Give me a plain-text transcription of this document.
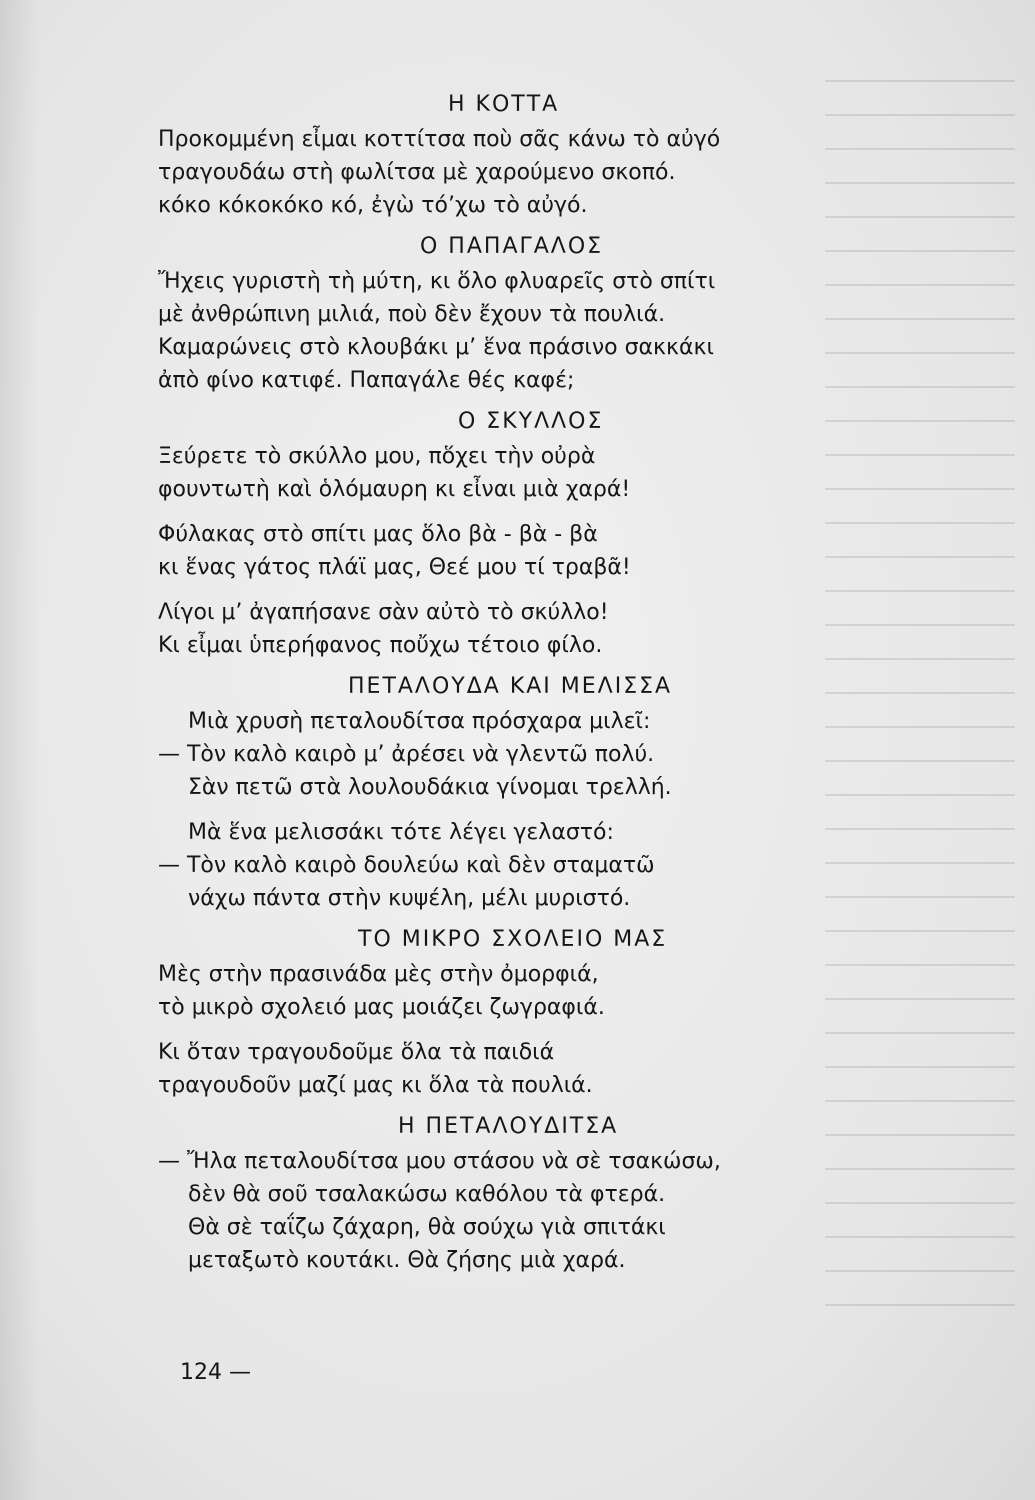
Η ΚΟΤΤΑ
Προκομμένη εἶμαι κοττίτσα ποὺ σᾶς κάνω τὸ αὐγό
τραγουδάω στὴ φωλίτσα μὲ χαρούμενο σκοπό.
κόκο κόκοκόκο κό, ἐγὼ τό’χω τὸ αὐγό.
Ο ΠΑΠΑΓΑΛΟΣ
Ἤχεις γυριστὴ τὴ μύτη, κι ὅλο φλυαρεῖς στὸ σπίτι
μὲ ἀνθρώπινη μιλιά, ποὺ δὲν ἔχουν τὰ πουλιά.
Καμαρώνεις στὸ κλουβάκι μ’ ἕνα πράσινο σακκάκι
ἀπὸ φίνο κατιφέ. Παπαγάλε θές καφέ;
Ο ΣΚΥΛΛΟΣ
Ξεύρετε τὸ σκύλλο μου, πὅχει τὴν οὐρὰ
φουντωτὴ καὶ ὁλόμαυρη κι εἶναι μιὰ χαρά!
Φύλακας στὸ σπίτι μας ὅλο βὰ - βὰ - βὰ
κι ἕνας γάτος πλάϊ μας, Θεέ μου τί τραβᾶ!
Λίγοι μ’ ἀγαπήσανε σὰν αὐτὸ τὸ σκύλλο!
Κι εἶμαι ὑπερήφανος ποὔχω τέτοιο φίλο.
ΠΕΤΑΛΟΥΔΑ ΚΑΙ ΜΕΛΙΣΣΑ
Μιὰ χρυσὴ πεταλουδίτσα πρόσχαρα μιλεῖ:
— Τὸν καλὸ καιρὸ μ’ ἀρέσει νὰ γλεντῶ πολύ.
Σὰν πετῶ στὰ λουλουδάκια γίνομαι τρελλή.
Μὰ ἕνα μελισσάκι τότε λέγει γελαστό:
— Τὸν καλὸ καιρὸ δουλεύω καὶ δὲν σταματῶ
νάχω πάντα στὴν κυψέλη, μέλι μυριστό.
ΤΟ ΜΙΚΡΟ ΣΧΟΛΕΙΟ ΜΑΣ
Μὲς στὴν πρασινάδα μὲς στὴν ὀμορφιά,
τὸ μικρὸ σχολειό μας μοιάζει ζωγραφιά.
Κι ὅταν τραγουδοῦμε ὅλα τὰ παιδιά
τραγουδοῦν μαζί μας κι ὅλα τὰ πουλιά.
Η ΠΕΤΑΛΟΥΔΙΤΣΑ
— Ἤλα πεταλουδίτσα μου στάσου νὰ σὲ τσακώσω,
δὲν θὰ σοῦ τσαλακώσω καθόλου τὰ φτερά.
Θὰ σὲ ταΐζω ζάχαρη, θὰ σούχω γιὰ σπιτάκι
μεταξωτὸ κουτάκι. Θὰ ζήσης μιὰ χαρά.
124 —
